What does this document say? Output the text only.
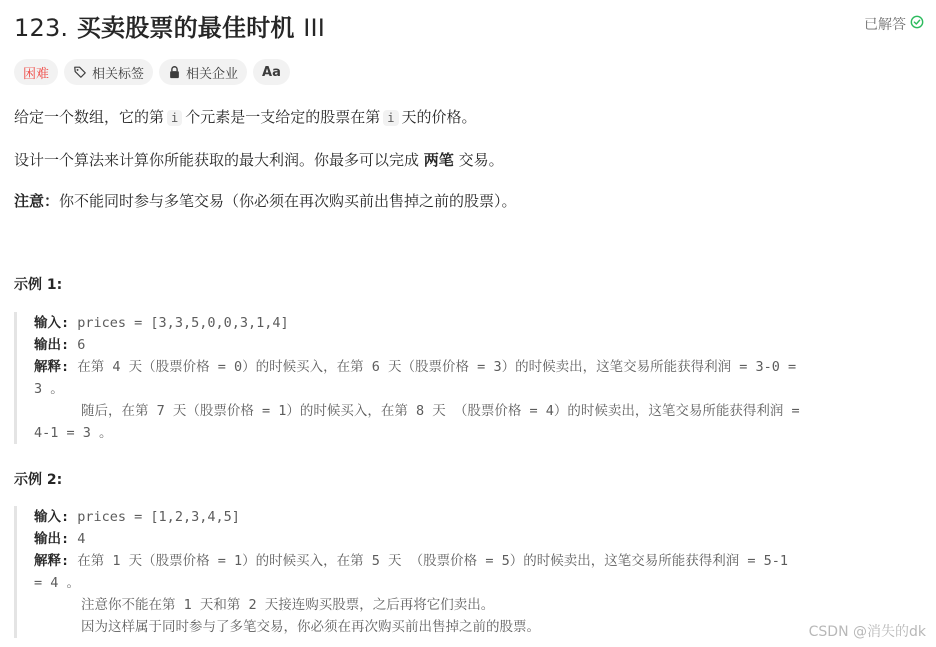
123. 买卖股票的最佳时机 III	已解答
困难	相关标签	相关企业 Aa
给定一个数组，它的第 i 个元素是一支给定的股票在第 i 天的价格。
设计一个算法来计算你所能获取的最大利润。你最多可以完成 两笔 交易。
注意：你不能同时参与多笔交易（你必须在再次购买前出售掉之前的股票）。
示例 1:
输入: prices = [3,3,5,0,0,3,1,4]
输出: 6
解释: 在第 4 天（股票价格 = 0）的时候买入，在第 6 天（股票价格 = 3）的时候卖出，这笔交易所能获得利润 = 3-0 =
3 。
随后，在第 7 天（股票价格 = 1）的时候买入，在第 8 天 （股票价格 = 4）的时候卖出，这笔交易所能获得利润 =
4-1 = 3 。
示例 2:
输入: prices = [1,2,3,4,5]
输出: 4
解释: 在第 1 天（股票价格 = 1）的时候买入，在第 5 天 （股票价格 = 5）的时候卖出，这笔交易所能获得利润 = 5-1
= 4 。
注意你不能在第 1 天和第 2 天接连购买股票，之后再将它们卖出。
因为这样属于同时参与了多笔交易，你必须在再次购买前出售掉之前的股票。	CSDN @消失的dk
